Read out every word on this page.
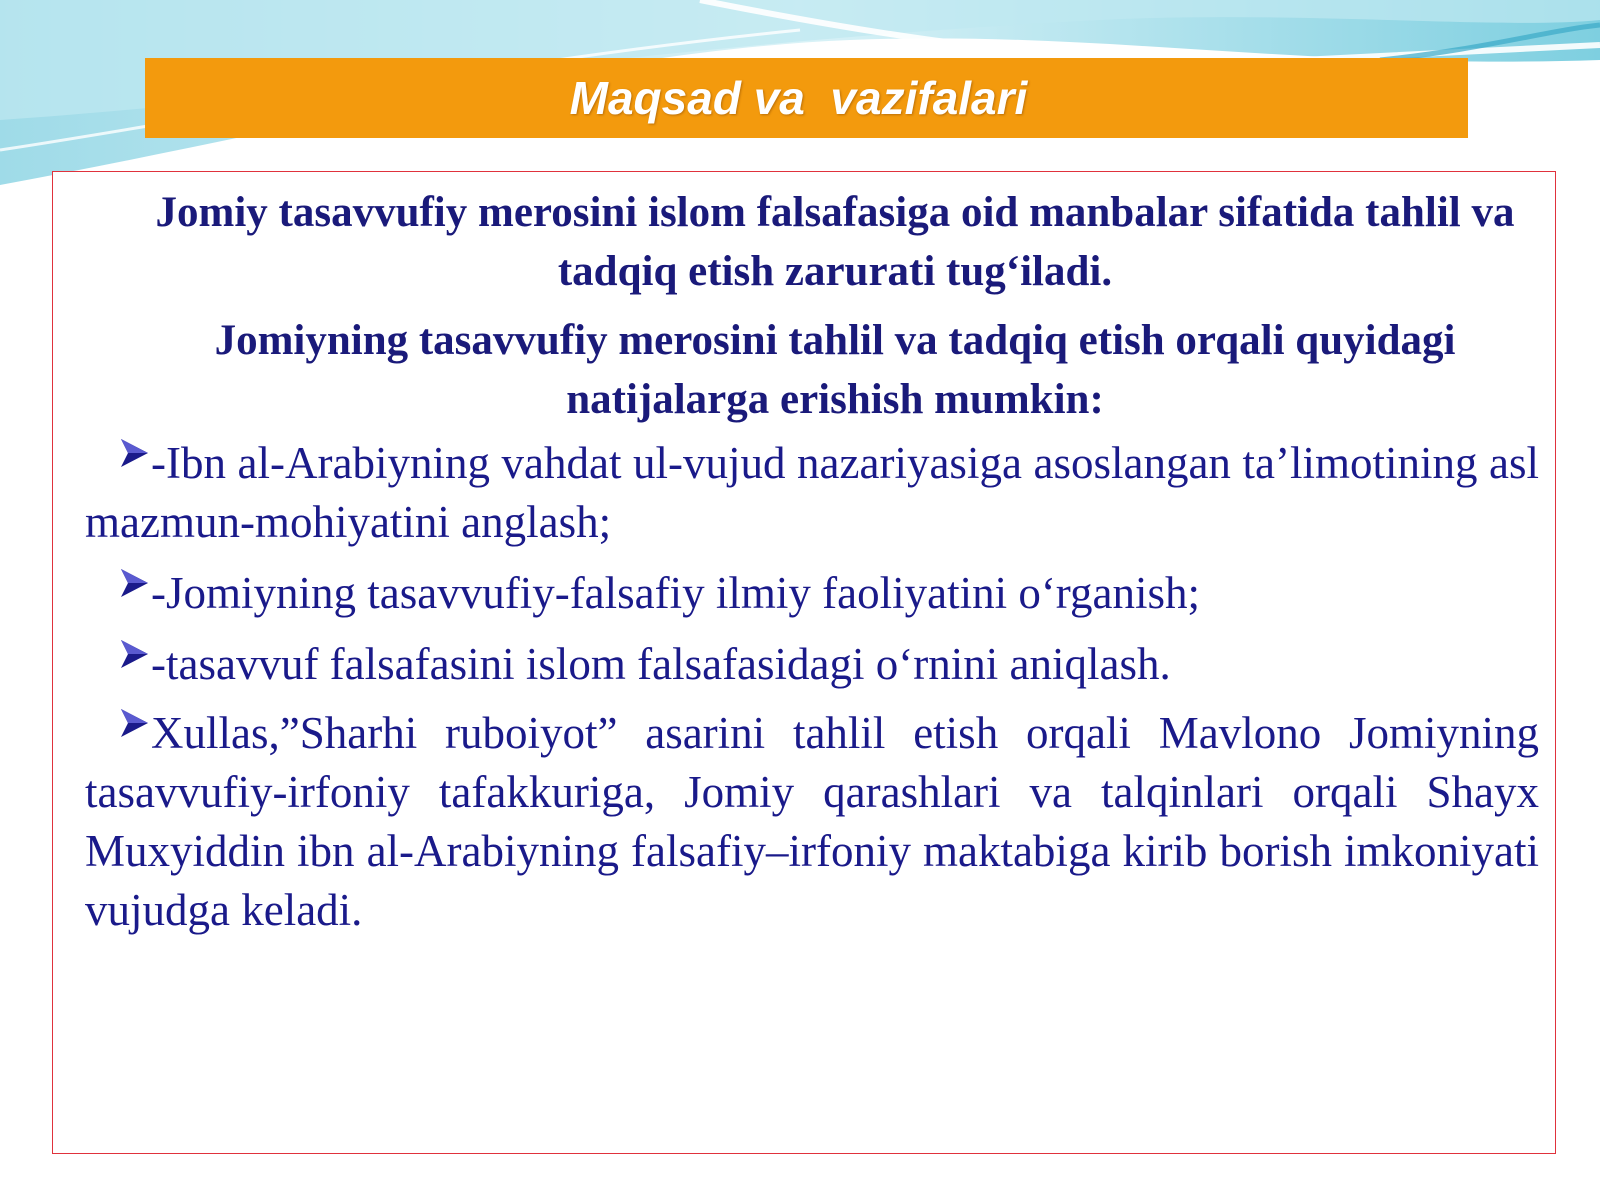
Maqsad va  vazifalari

Jomiy tasavvufiy merosini islom falsafasiga oid manbalar sifatida tahlil va tadqiq etish zarurati tug‘iladi.

Jomiyning tasavvufiy merosini tahlil va tadqiq etish orqali quyidagi natijalarga erishish mumkin:

-Ibn al-Arabiyning vahdat ul-vujud nazariyasiga asoslangan ta’limotining asl mazmun-mohiyatini anglash;

-Jomiyning tasavvufiy-falsafiy ilmiy faoliyatini o‘rganish;

-tasavvuf falsafasini islom falsafasidagi o‘rnini aniqlash.

Xullas,”Sharhi ruboiyot” asarini tahlil etish orqali Mavlono Jomiyning tasavvufiy-irfoniy tafakkuriga, Jomiy qarashlari va talqinlari orqali Shayx Muxyiddin ibn al-Arabiyning falsafiy–irfoniy maktabiga kirib borish imkoniyati vujudga keladi.
